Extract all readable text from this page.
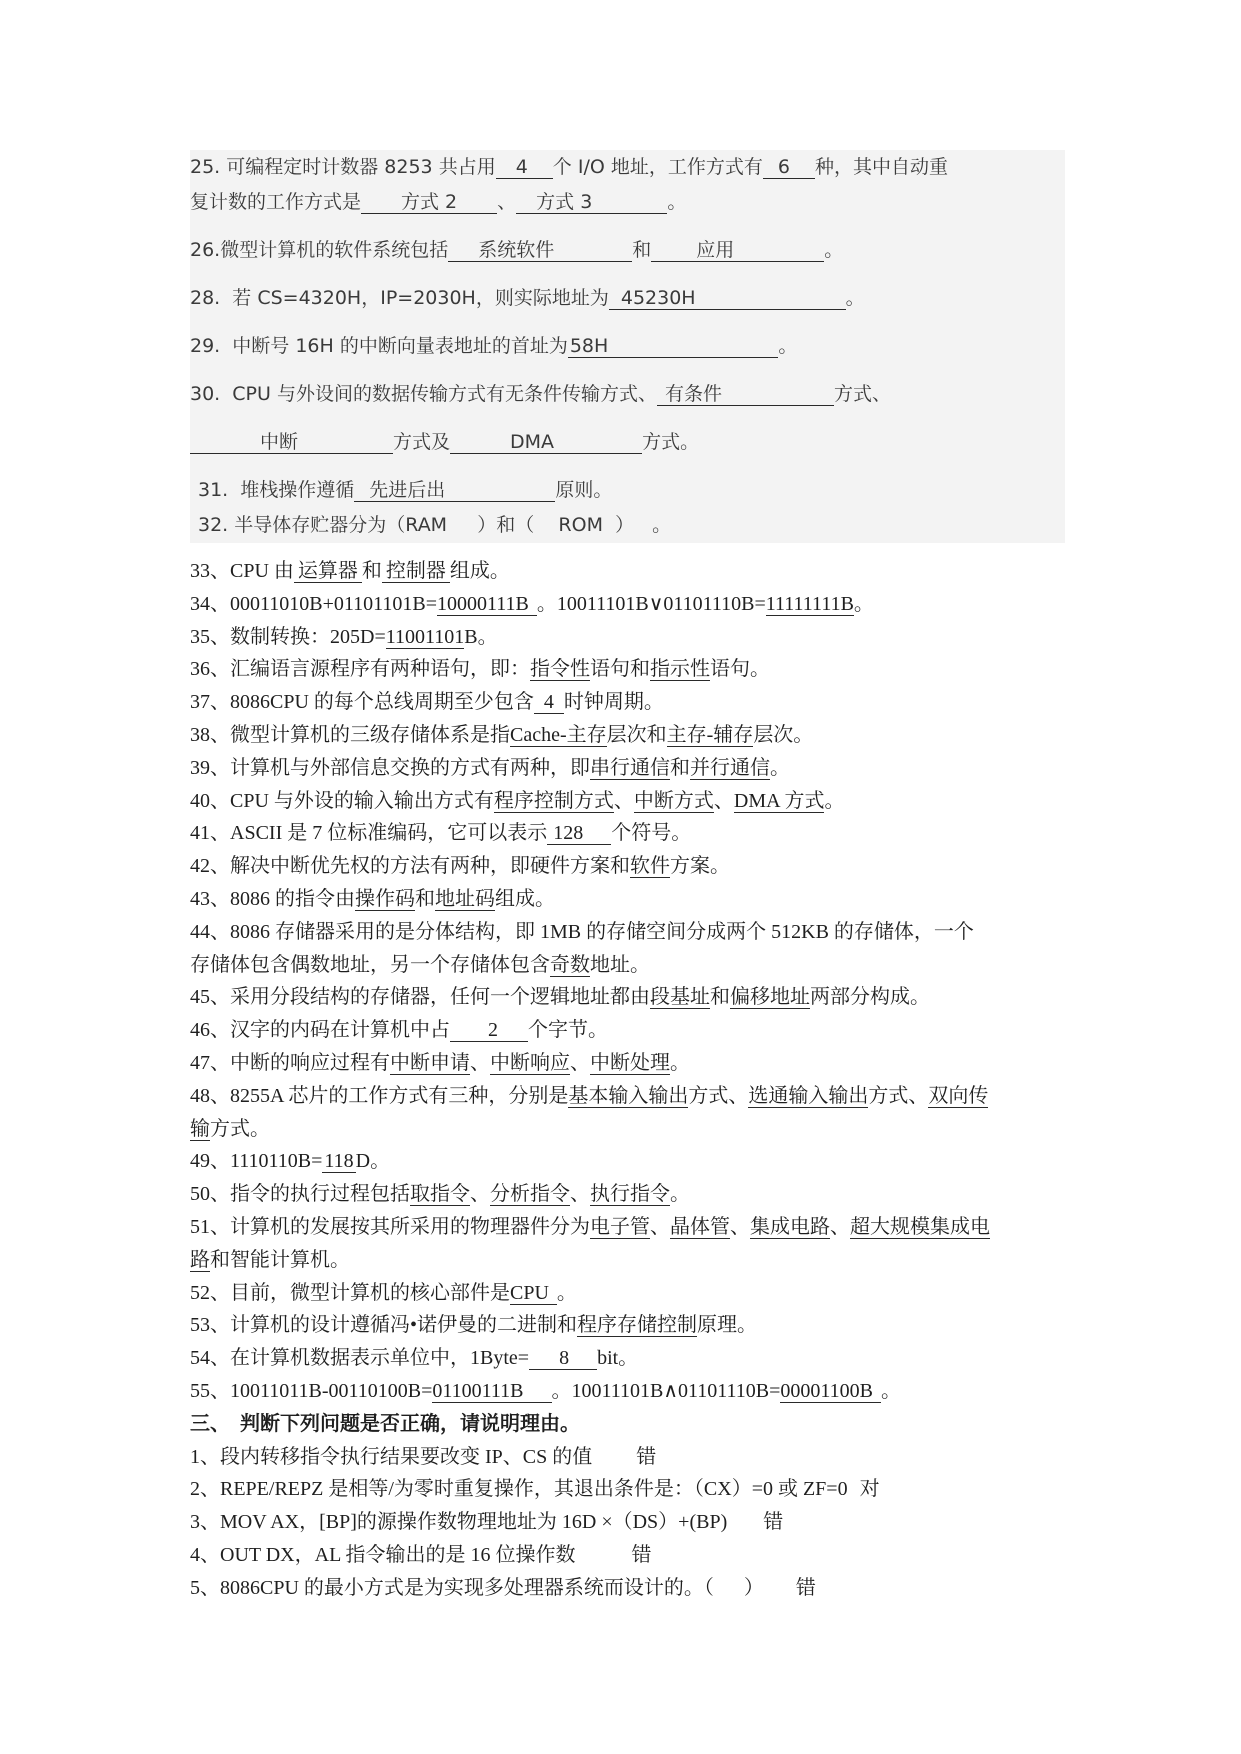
25. 可编程定时计数器 8253 共占用 4 个 I/O 地址，工作方式有 6 种，其中自动重
复计数的工作方式是 方式 2 、 方式 3	。
26.微型计算机的软件系统包括 系统软件	和 应用	。
28.  若 CS=4320H，IP=2030H，则实际地址为 45230H	。
29.  中断号 16H 的中断向量表地址的首址为 58H	。
30.  CPU 与外设间的数据传输方式有无条件传输方式、 有条件	方式、
中断	方式及	DMA	方式。
31.  堆栈操作遵循 先进后出	原则。
32. 半导体存贮器分为（RAM     ）和（    ROM  ）   。
33、CPU 由 运算器 和 控制器 组成。
34、00011010B+01101101B=10000111B 。10011101B∨01101110B=11111111B。
35、数制转换：205D=11001101B。
36、汇编语言源程序有两种语句，即：指令性语句和指示性语句。
37、8086CPU 的每个总线周期至少包含 4 时钟周期。
38、微型计算机的三级存储体系是指Cache-主存层次和主存-辅存层次。
39、计算机与外部信息交换的方式有两种，即串行通信和并行通信。
40、CPU 与外设的输入输出方式有程序控制方式、中断方式、DMA 方式。
41、ASCII 是 7 位标准编码，它可以表示 128 个符号。
42、解决中断优先权的方法有两种，即硬件方案和软件方案。
43、8086 的指令由操作码和地址码组成。
44、8086 存储器采用的是分体结构，即 1MB 的存储空间分成两个 512KB 的存储体，一个
存储体包含偶数地址，另一个存储体包含奇数地址。
45、采用分段结构的存储器，任何一个逻辑地址都由段基址和偏移地址两部分构成。
46、汉字的内码在计算机中占 2 个字节。
47、中断的响应过程有中断申请、中断响应、中断处理。
48、8255A 芯片的工作方式有三种，分别是基本输入输出方式、选通输入输出方式、双向传
输方式。
49、1110110B= 118 D。
50、指令的执行过程包括取指令、分析指令、执行指令。
51、计算机的发展按其所采用的物理器件分为电子管、晶体管、集成电路、超大规模集成电
路和智能计算机。
52、目前，微型计算机的核心部件是CPU 。
53、计算机的设计遵循冯•诺伊曼的二进制和程序存储控制原理。
54、在计算机数据表示单位中，1Byte= 8 bit。
55、10011011B-00110100B=01100111B 。10011101B∧01101110B=00001100B 。
三、  判断下列问题是否正确，请说明理由。
1、段内转移指令执行结果要改变 IP、CS 的值 错
2、REPE/REPZ 是相等/为零时重复操作，其退出条件是：（CX）=0 或 ZF=0 对
3、MOV AX，[BP]的源操作数物理地址为 16D ×（DS）+(BP) 错
4、OUT DX，AL 指令输出的是 16 位操作数	错
5、8086CPU 的最小方式是为实现多处理器系统而设计的。（      ） 错
